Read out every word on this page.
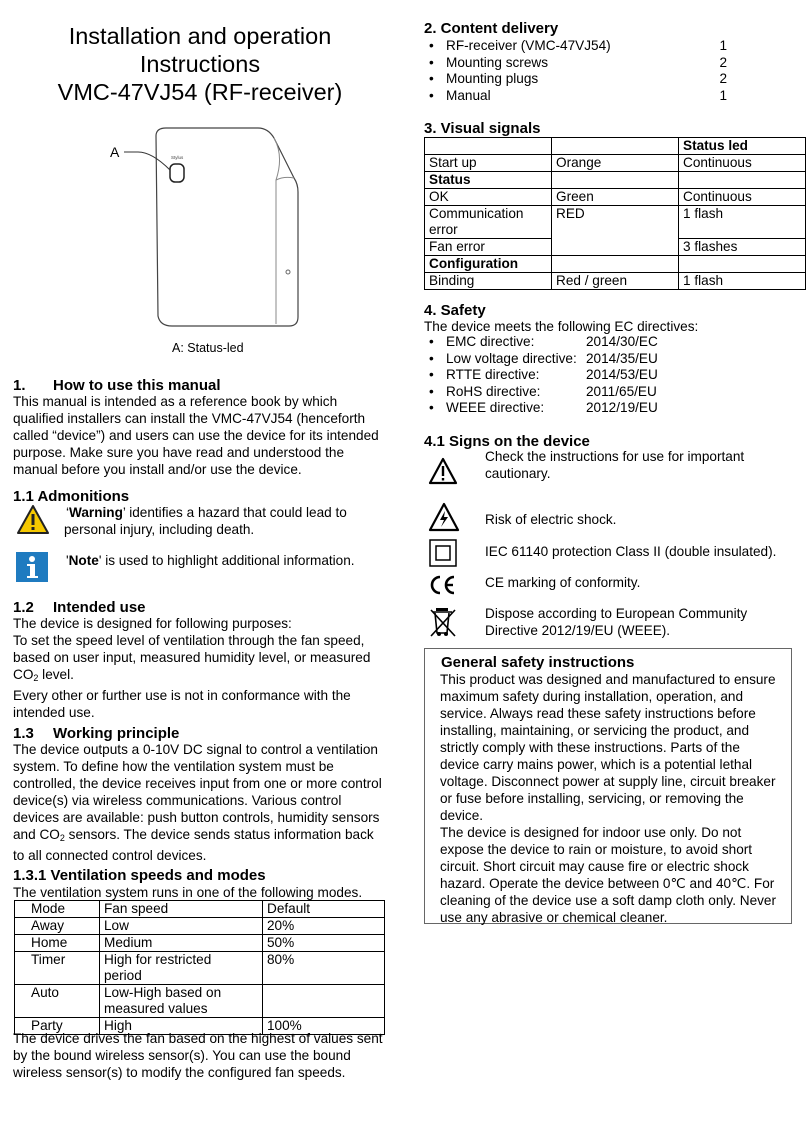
Installation and operation
Instructions
VMC-47VJ54 (RF-receiver)
Stylus
A
A: Status-led
1. How to use this manual
This manual is intended as a reference book by which
qualified installers can install the VMC-47VJ54 (henceforth
called “device”) and users can use the device for its intended
purpose. Make sure you have read and understood the
manual before you install and/or use the device.
1.1 Admonitions
‘Warning’ identifies a hazard that could lead to
personal injury, including death.
'Note' is used to highlight additional information.
1.2 Intended use
The device is designed for following purposes:
To set the speed level of ventilation through the fan speed,
based on user input, measured humidity level, or measured
$CO_2$ level.
Every other or further use is not in conformance with the
intended use.
1.3 Working principle
The device outputs a 0-10V DC signal to control a ventilation
system. To define how the ventilation system must be
controlled, the device receives input from one or more control
device(s) via wireless communications. Various control
devices are available: push button controls, humidity sensors
and $CO_2$ sensors. The device sends status information back
to all connected control devices.
1.3.1 Ventilation speeds and modes
The ventilation system runs in one of the following modes.
Mode	Fan speed	Default
Away	Low	20%
Home	Medium	50%
Timer	High for restricted
period	80%
Auto	Low-High based on
measured values	

Party	High	100%
The device drives the fan based on the highest of values sent
by the bound wireless sensor(s). You can use the bound
wireless sensor(s) to modify the configured fan speeds.
2. Content delivery
• RF-receiver (VMC-47VJ54)	1
• Mounting screws	2
• Mounting plugs	2
• Manual	1
3. Visual signals
		Status led
Start up	Orange	Continuous
Status		
OK	Green	Continuous

Communication
error	RED	1 flash
Fan error		3 flashes
Configuration		
Binding	Red / green	1 flash
4. Safety
The device meets the following EC directives:
• EMC directive:	2014/30/EC
• Low voltage directive: 2014/35/EU
• RTTE directive:	2014/53/EU
• RoHS directive:	2011/65/EU
• WEEE directive:	2012/19/EU
4.1 Signs on the device
Check the instructions for use for important
cautionary.
Risk of electric shock.
IEC 61140 protection Class II (double insulated).
CE marking of conformity.
Dispose according to European Community
Directive 2012/19/EU (WEEE).
General safety instructions
This product was designed and manufactured to ensure
maximum safety during installation, operation, and
service. Always read these safety instructions before
installing, maintaining, or servicing the product, and
strictly comply with these instructions. Parts of the
device carry mains power, which is a potential lethal
voltage. Disconnect power at supply line, circuit breaker
or fuse before installing, servicing, or removing the
device.
The device is designed for indoor use only. Do not
expose the device to rain or moisture, to avoid short
circuit. Short circuit may cause fire or electric shock
hazard. Operate the device between 0℃ and 40℃. For
cleaning of the device use a soft damp cloth only. Never
use any abrasive or chemical cleaner.
